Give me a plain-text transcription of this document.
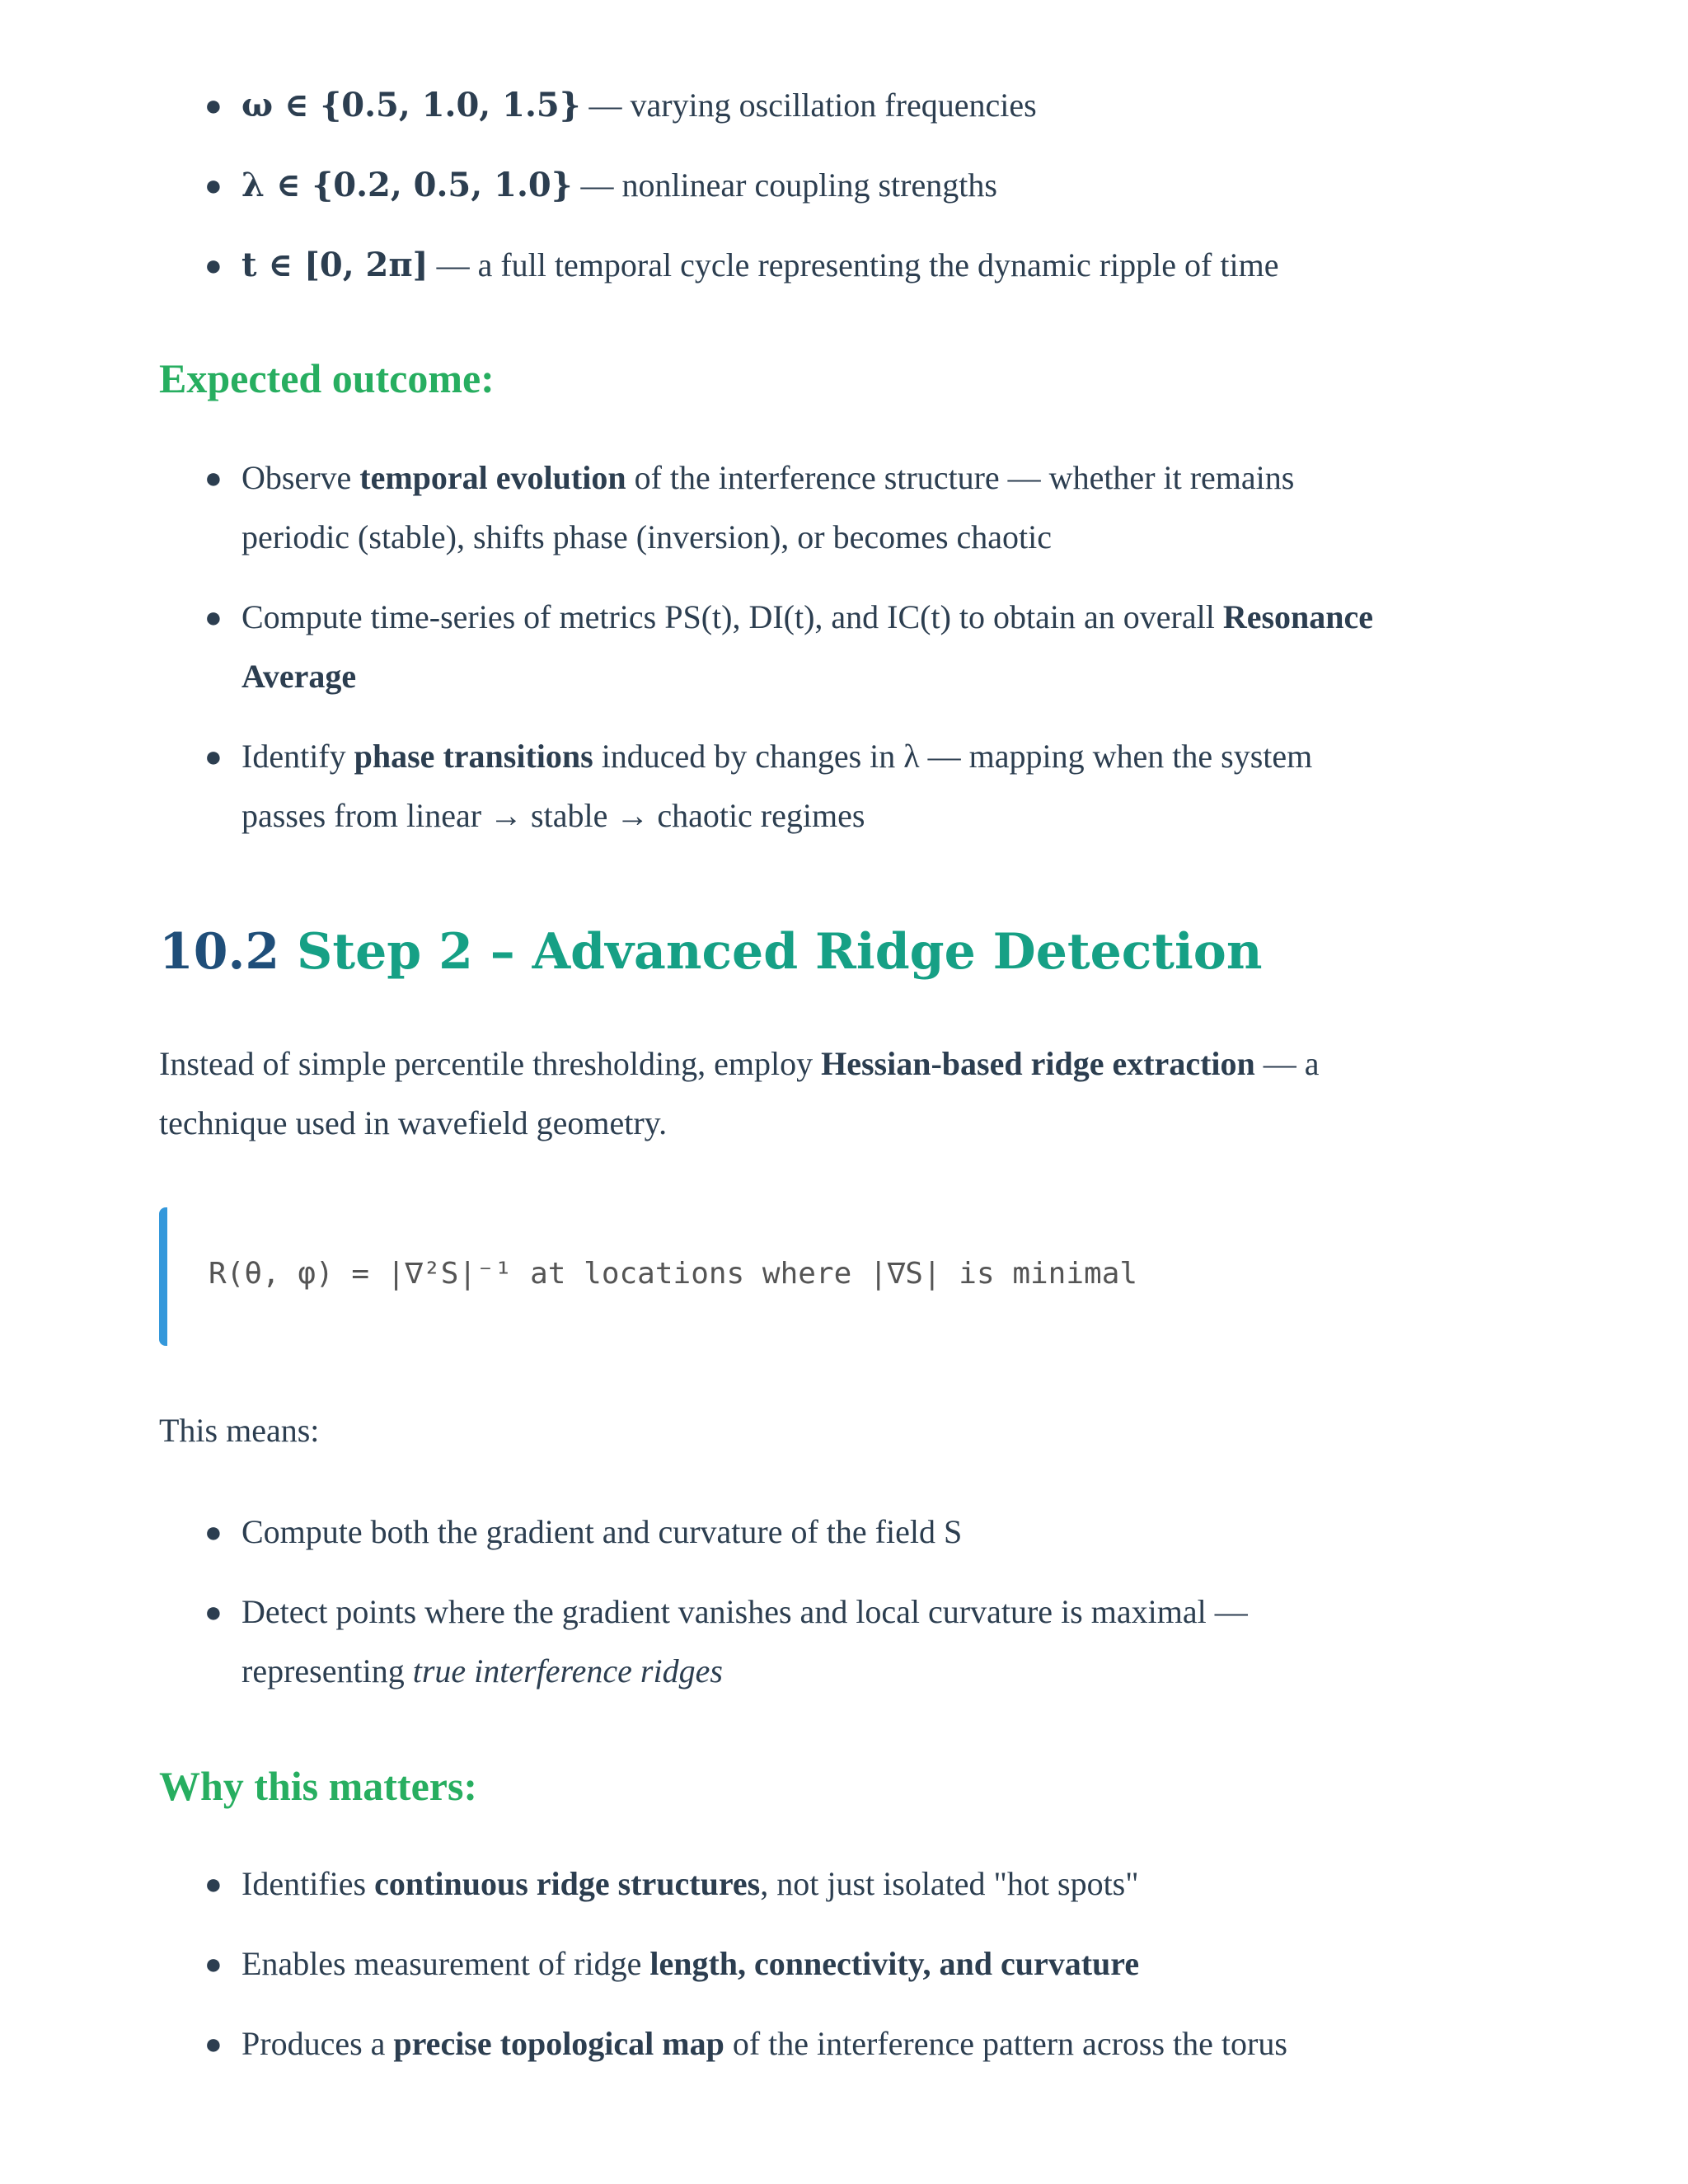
● ω ∈ {0.5, 1.0, 1.5} — varying oscillation frequencies
● λ ∈ {0.2, 0.5, 1.0} — nonlinear coupling strengths
● t ∈ [0, 2π] — a full temporal cycle representing the dynamic ripple of time
Expected outcome:
● Observe temporal evolution of the interference structure — whether it remains
periodic (stable), shifts phase (inversion), or becomes chaotic
● Compute time-series of metrics PS(t), DI(t), and IC(t) to obtain an overall Resonance
Average
● Identify phase transitions induced by changes in λ — mapping when the system
passes from linear → stable → chaotic regimes
10.2 Step 2 – Advanced Ridge Detection

Instead of simple percentile thresholding, employ Hessian-based ridge extraction — a
technique used in wavefield geometry.

R(θ, φ) = |∇²S|⁻¹ at locations where |∇S| is minimal

This means:

● Compute both the gradient and curvature of the field S
● Detect points where the gradient vanishes and local curvature is maximal —
representing true interference ridges
Why this matters:
● Identifies continuous ridge structures, not just isolated "hot spots"
● Enables measurement of ridge length, connectivity, and curvature
● Produces a precise topological map of the interference pattern across the torus
